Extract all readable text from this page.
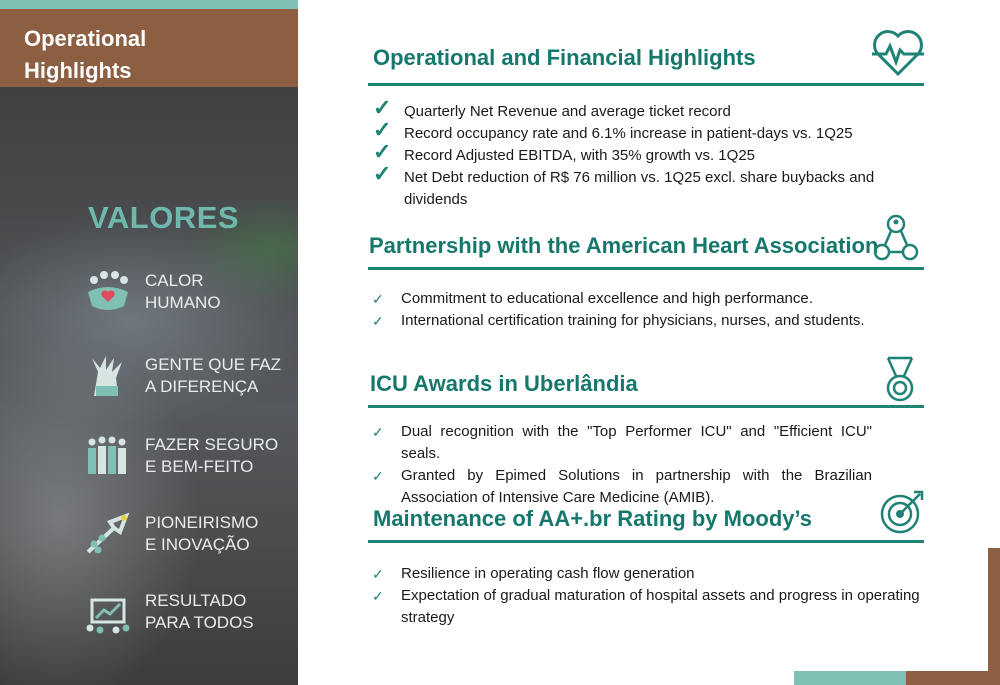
Operational
Highlights
VALORES
CALOR
HUMANO
GENTE QUE FAZ
A DIFERENÇA
FAZER SEGURO
E BEM-FEITO
PIONEIRISMO
E INOVAÇÃO
RESULTADO
PARA TODOS
Operational and Financial Highlights
✓ Quarterly Net Revenue and average ticket record
✓ Record occupancy rate and 6.1% increase in patient-days vs. 1Q25
✓ Record Adjusted EBITDA, with 35% growth vs. 1Q25
✓ Net Debt reduction of R$ 76 million vs. 1Q25 excl. share buybacks and dividends
Partnership with the American Heart Association
✓ Commitment to educational excellence and high performance.
✓ International certification training for physicians, nurses, and students.
ICU Awards in Uberlândia
✓ Dual recognition with the "Top Performer ICU" and "Efficient ICU" seals.
✓ Granted by Epimed Solutions in partnership with the Brazilian Association of Intensive Care Medicine (AMIB).
Maintenance of AA+.br Rating by Moody’s
✓ Resilience in operating cash flow generation
✓ Expectation of gradual maturation of hospital assets and progress in operating strategy
